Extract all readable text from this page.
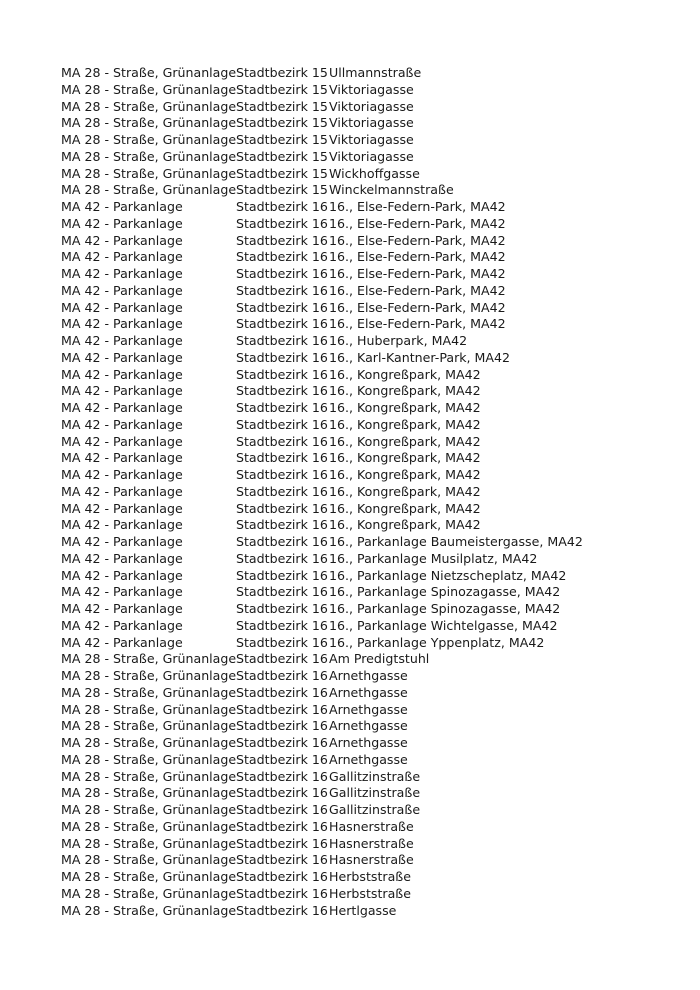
MA 28 - Straße, Grünanlage Stadtbezirk 15 Ullmannstraße
MA 28 - Straße, Grünanlage Stadtbezirk 15 Viktoriagasse
MA 28 - Straße, Grünanlage Stadtbezirk 15 Viktoriagasse
MA 28 - Straße, Grünanlage Stadtbezirk 15 Viktoriagasse
MA 28 - Straße, Grünanlage Stadtbezirk 15 Viktoriagasse
MA 28 - Straße, Grünanlage Stadtbezirk 15 Viktoriagasse
MA 28 - Straße, Grünanlage Stadtbezirk 15 Wickhoffgasse
MA 28 - Straße, Grünanlage Stadtbezirk 15 Winckelmannstraße
MA 42 - Parkanlage	Stadtbezirk 16 16., Else-Federn-Park, MA42
MA 42 - Parkanlage	Stadtbezirk 16 16., Else-Federn-Park, MA42
MA 42 - Parkanlage	Stadtbezirk 16 16., Else-Federn-Park, MA42
MA 42 - Parkanlage	Stadtbezirk 16 16., Else-Federn-Park, MA42
MA 42 - Parkanlage	Stadtbezirk 16 16., Else-Federn-Park, MA42
MA 42 - Parkanlage	Stadtbezirk 16 16., Else-Federn-Park, MA42
MA 42 - Parkanlage	Stadtbezirk 16 16., Else-Federn-Park, MA42
MA 42 - Parkanlage	Stadtbezirk 16 16., Else-Federn-Park, MA42
MA 42 - Parkanlage	Stadtbezirk 16 16., Huberpark, MA42
MA 42 - Parkanlage	Stadtbezirk 16 16., Karl-Kantner-Park, MA42
MA 42 - Parkanlage	Stadtbezirk 16 16., Kongreßpark, MA42
MA 42 - Parkanlage	Stadtbezirk 16 16., Kongreßpark, MA42
MA 42 - Parkanlage	Stadtbezirk 16 16., Kongreßpark, MA42
MA 42 - Parkanlage	Stadtbezirk 16 16., Kongreßpark, MA42
MA 42 - Parkanlage	Stadtbezirk 16 16., Kongreßpark, MA42
MA 42 - Parkanlage	Stadtbezirk 16 16., Kongreßpark, MA42
MA 42 - Parkanlage	Stadtbezirk 16 16., Kongreßpark, MA42
MA 42 - Parkanlage	Stadtbezirk 16 16., Kongreßpark, MA42
MA 42 - Parkanlage	Stadtbezirk 16 16., Kongreßpark, MA42
MA 42 - Parkanlage	Stadtbezirk 16 16., Kongreßpark, MA42
MA 42 - Parkanlage	Stadtbezirk 16 16., Parkanlage Baumeistergasse, MA42
MA 42 - Parkanlage	Stadtbezirk 16 16., Parkanlage Musilplatz, MA42
MA 42 - Parkanlage	Stadtbezirk 16 16., Parkanlage Nietzscheplatz, MA42
MA 42 - Parkanlage	Stadtbezirk 16 16., Parkanlage Spinozagasse, MA42
MA 42 - Parkanlage	Stadtbezirk 16 16., Parkanlage Spinozagasse, MA42
MA 42 - Parkanlage	Stadtbezirk 16 16., Parkanlage Wichtelgasse, MA42
MA 42 - Parkanlage	Stadtbezirk 16 16., Parkanlage Yppenplatz, MA42
MA 28 - Straße, Grünanlage Stadtbezirk 16 Am Predigtstuhl
MA 28 - Straße, Grünanlage Stadtbezirk 16 Arnethgasse
MA 28 - Straße, Grünanlage Stadtbezirk 16 Arnethgasse
MA 28 - Straße, Grünanlage Stadtbezirk 16 Arnethgasse
MA 28 - Straße, Grünanlage Stadtbezirk 16 Arnethgasse
MA 28 - Straße, Grünanlage Stadtbezirk 16 Arnethgasse
MA 28 - Straße, Grünanlage Stadtbezirk 16 Arnethgasse
MA 28 - Straße, Grünanlage Stadtbezirk 16 Gallitzinstraße
MA 28 - Straße, Grünanlage Stadtbezirk 16 Gallitzinstraße
MA 28 - Straße, Grünanlage Stadtbezirk 16 Gallitzinstraße
MA 28 - Straße, Grünanlage Stadtbezirk 16 Hasnerstraße
MA 28 - Straße, Grünanlage Stadtbezirk 16 Hasnerstraße
MA 28 - Straße, Grünanlage Stadtbezirk 16 Hasnerstraße
MA 28 - Straße, Grünanlage Stadtbezirk 16 Herbststraße
MA 28 - Straße, Grünanlage Stadtbezirk 16 Herbststraße
MA 28 - Straße, Grünanlage Stadtbezirk 16 Hertlgasse
